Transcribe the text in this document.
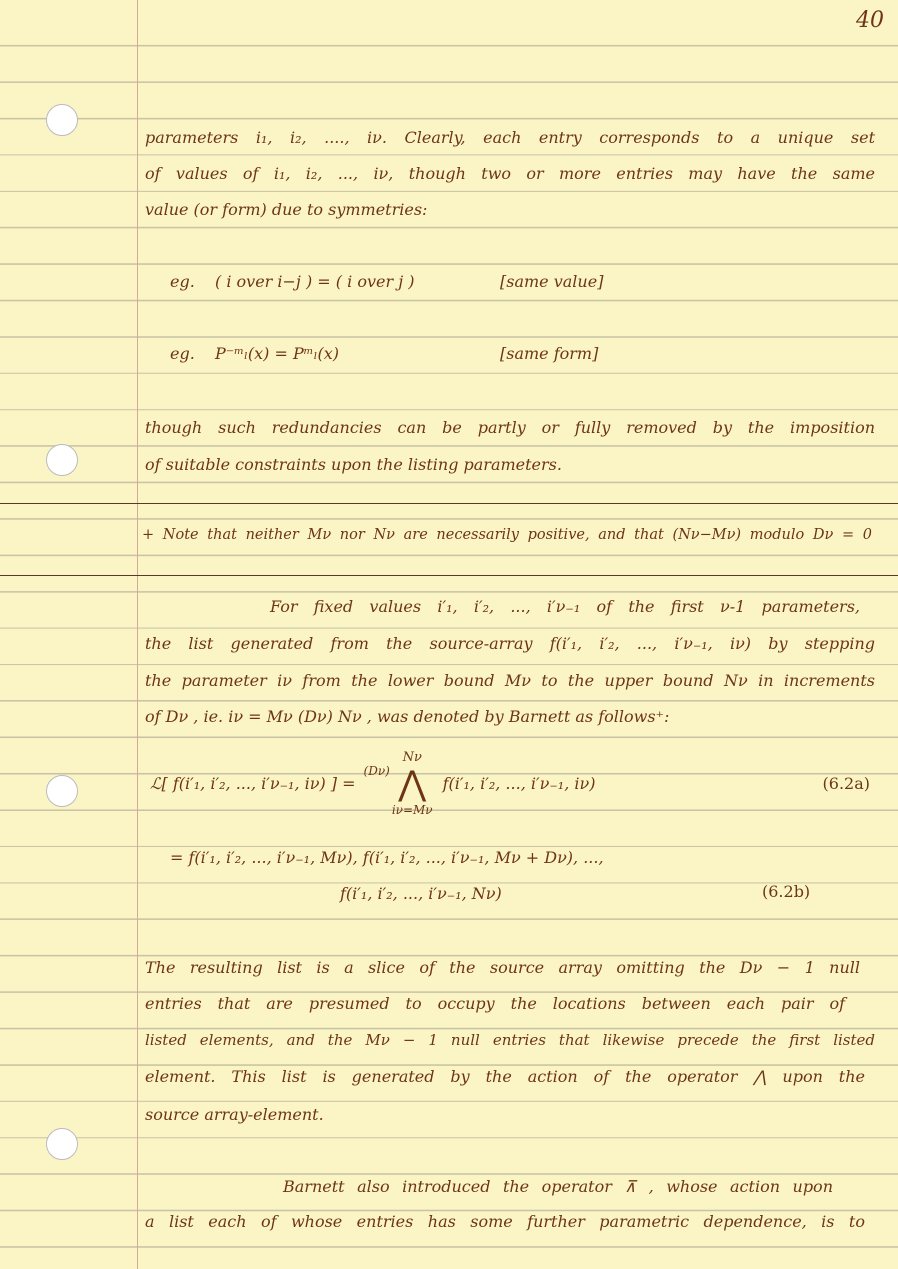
40
parameters i₁, i₂, ...., iν. Clearly, each entry corresponds to a unique set
of values of i₁, i₂, ..., iν, though two or more entries may have the same
value (or form) due to symmetries:
eg. ( i over i−j ) = ( i over j )	[same value]
eg. P⁻ᵐₗ(x) = Pᵐₗ(x)	[same form]
though such redundancies can be partly or fully removed by the imposition
of suitable constraints upon the listing parameters.
+ Note that neither Mν nor Nν are necessarily positive, and that (Nν−Mν) modulo Dν = 0
For fixed values i′₁, i′₂, ..., i′ν₋₁ of the first ν-1 parameters,
the list generated from the source-array f(i′₁, i′₂, ..., i′ν₋₁, iν) by stepping
the parameter iν from the lower bound Mν to the upper bound Nν in increments
of Dν , ie. iν = Mν (Dν) Nν , was denoted by Barnett as follows⁺:
ℒ[ f(i′₁, i′₂, ..., i′ν₋₁, iν) ] =
(Dν)
Nν
⋀
iν=Mν
f(i′₁, i′₂, ..., i′ν₋₁, iν)	(6.2a)
= f(i′₁, i′₂, ..., i′ν₋₁, Mν), f(i′₁, i′₂, ..., i′ν₋₁, Mν + Dν), ...,
f(i′₁, i′₂, ..., i′ν₋₁, Nν)	(6.2b)
The resulting list is a slice of the source array omitting the Dν − 1 null
entries that are presumed to occupy the locations between each pair of
listed elements, and the Mν − 1 null entries that likewise precede the first listed
element. This list is generated by the action of the operator ⋀ upon the
source array-element.
Barnett also introduced the operator ⊼ , whose action upon
a list each of whose entries has some further parametric dependence, is to
